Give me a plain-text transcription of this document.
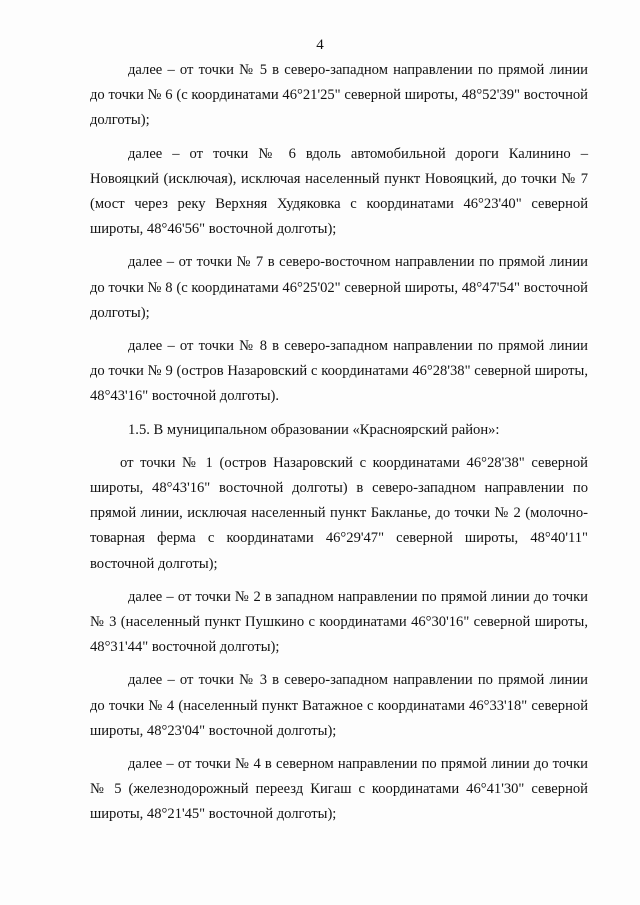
4

далее – от точки № 5 в северо-западном направлении по прямой линии до точки № 6 (с координатами 46°21'25" северной широты, 48°52'39" восточной долготы);

далее – от точки № 6 вдоль автомобильной дороги Калинино – Новояцкий (исключая), исключая населенный пункт Новояцкий, до точки № 7 (мост через реку Верхняя Худяковка с координатами 46°23'40" северной широты, 48°46'56" восточной долготы);

далее – от точки № 7 в северо-восточном направлении по прямой линии до точки № 8 (с координатами 46°25'02" северной широты, 48°47'54" восточной долготы);

далее – от точки № 8 в северо-западном направлении по прямой линии до точки № 9 (остров Назаровский с координатами 46°28'38" северной широты, 48°43'16" восточной долготы).

1.5. В муниципальном образовании «Красноярский район»:

от точки № 1 (остров Назаровский с координатами 46°28'38" северной широты, 48°43'16" восточной долготы) в северо-западном направлении по прямой линии, исключая населенный пункт Бакланье, до точки № 2 (молочно-товарная ферма с координатами 46°29'47" северной широты, 48°40'11" восточной долготы);

далее – от точки № 2 в западном направлении по прямой линии до точки № 3 (населенный пункт Пушкино с координатами 46°30'16" северной широты, 48°31'44" восточной долготы);

далее – от точки № 3 в северо-западном направлении по прямой линии до точки № 4 (населенный пункт Ватажное с координатами 46°33'18" северной широты, 48°23'04" восточной долготы);

далее – от точки № 4 в северном направлении по прямой линии до точки № 5 (железнодорожный переезд Кигаш с координатами 46°41'30" северной широты, 48°21'45" восточной долготы);
